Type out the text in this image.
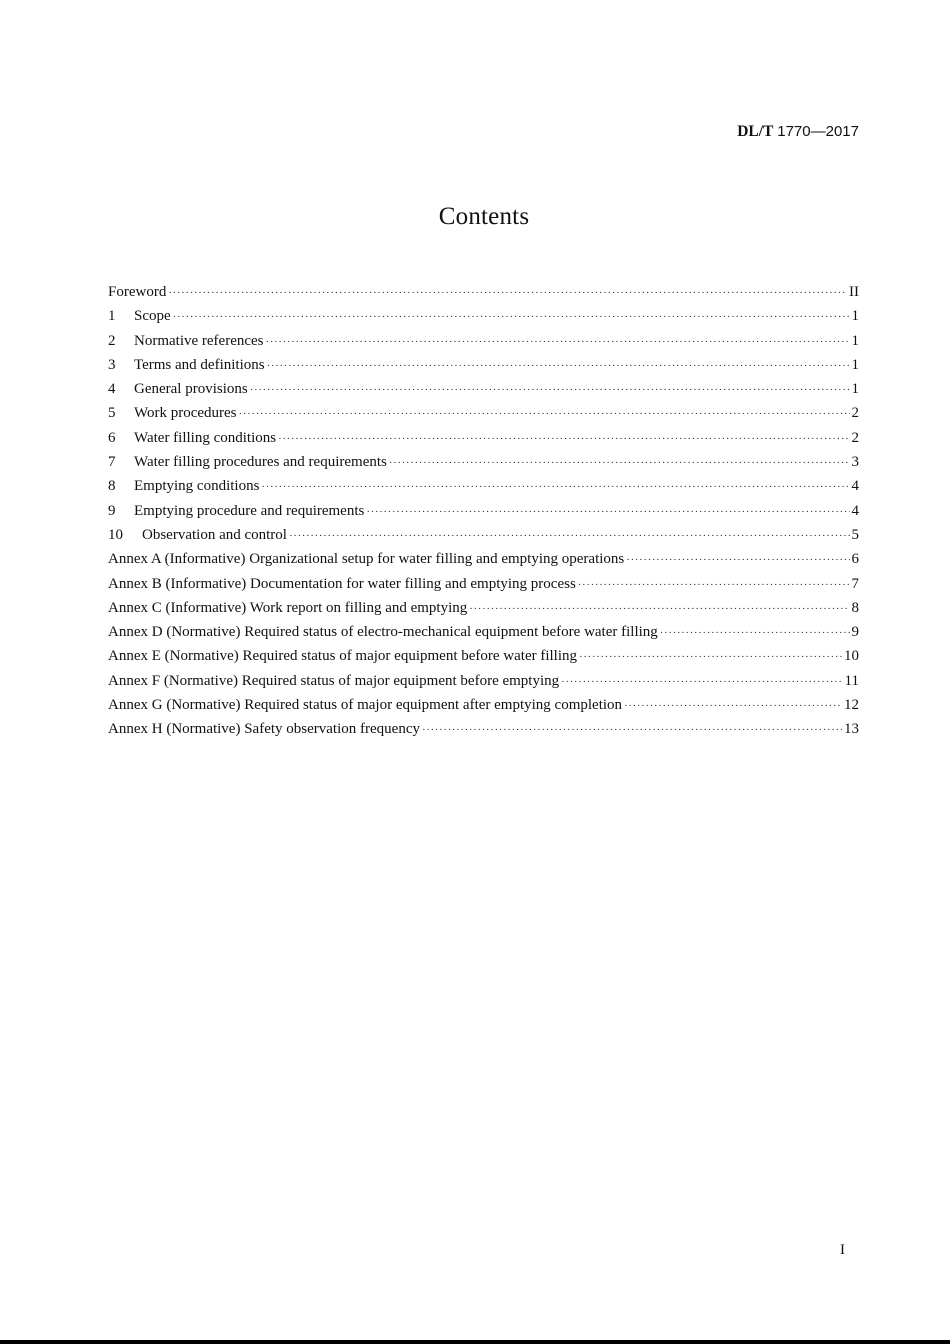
DL/T 1770—2017
Contents
Foreword ·····	II
1	Scope ·····	1
2	Normative references ·····	1
3	Terms and definitions ·····	1
4	General provisions ·····	1
5	Work procedures ·····	2
6	Water filling conditions ·····	2
7	Water filling procedures and requirements ·····	3
8	Emptying conditions ·····	4
9	Emptying procedure and requirements ·····	4
10	Observation and control ·····	5
Annex A (Informative) Organizational setup for water filling and emptying operations ·····	6
Annex B (Informative) Documentation for water filling and emptying process ·····	7
Annex C (Informative) Work report on filling and emptying ·····	8
Annex D (Normative) Required status of electro-mechanical equipment before water filling ·····	9
Annex E (Normative) Required status of major equipment before water filling ·····	10
Annex F (Normative) Required status of major equipment before emptying ·····	11
Annex G (Normative) Required status of major equipment after emptying completion ·····	12
Annex H (Normative) Safety observation frequency ·····	13
I
